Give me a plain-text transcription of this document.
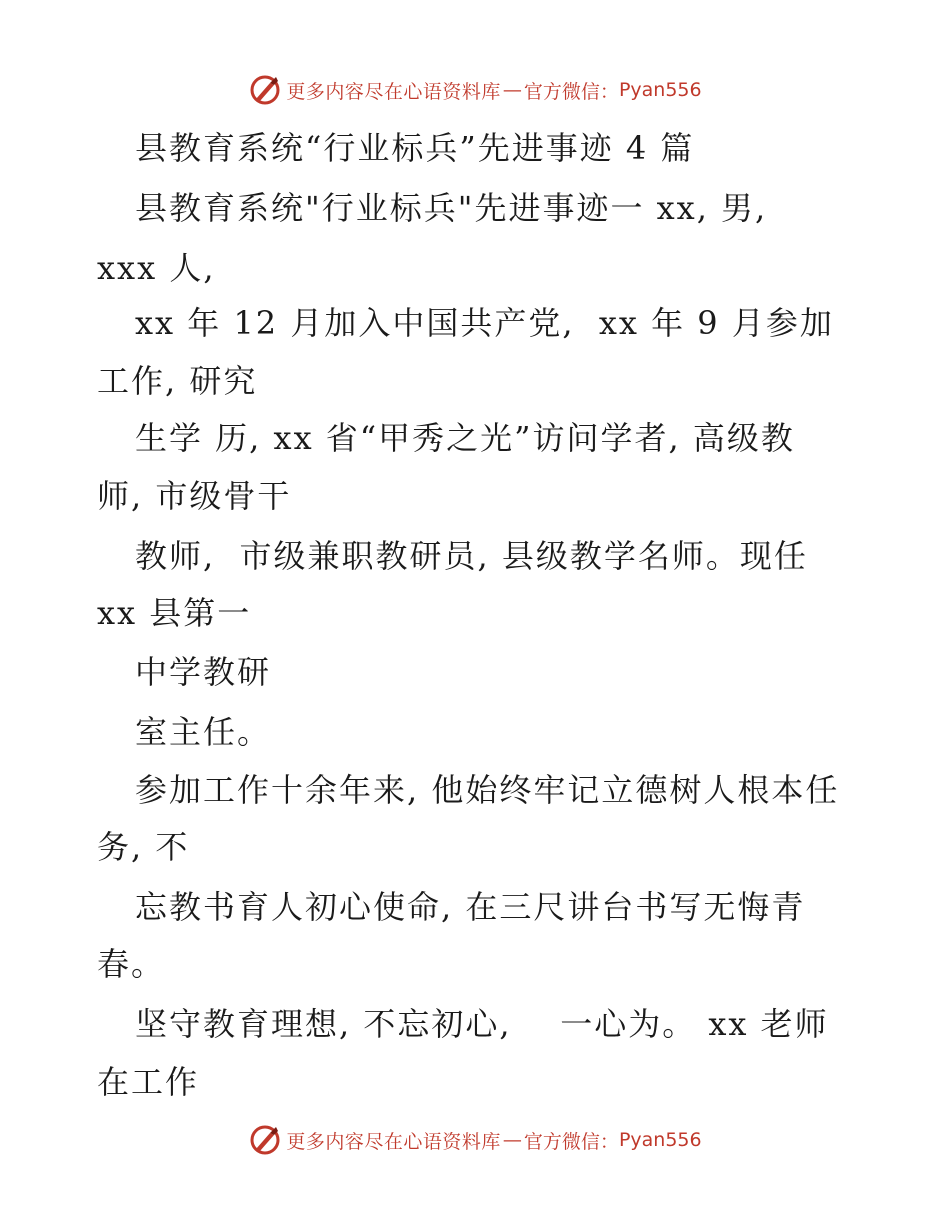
更多内容尽在心语资料库 — 官方微信： Pyan556
县教育系统“行业标兵”先进事迹 4 篇
县教育系统"行业标兵"先进事迹一 xx, 男,
xxx 人,
xx 年 12 月加入中国共产党,  xx 年 9 月参加
工作, 研究
生学 历, xx 省“甲秀之光”访问学者, 高级教
师, 市级骨干
教师,  市级兼职教研员, 县级教学名师。现任
xx 县第一
中学教研
室主任。
参加工作十余年来, 他始终牢记立德树人根本任
务, 不
忘教书育人初心使命, 在三尺讲台书写无悔青
春。
坚守教育理想, 不忘初心,    一心为。 xx 老师
在工作
更多内容尽在心语资料库 — 官方微信： Pyan556
